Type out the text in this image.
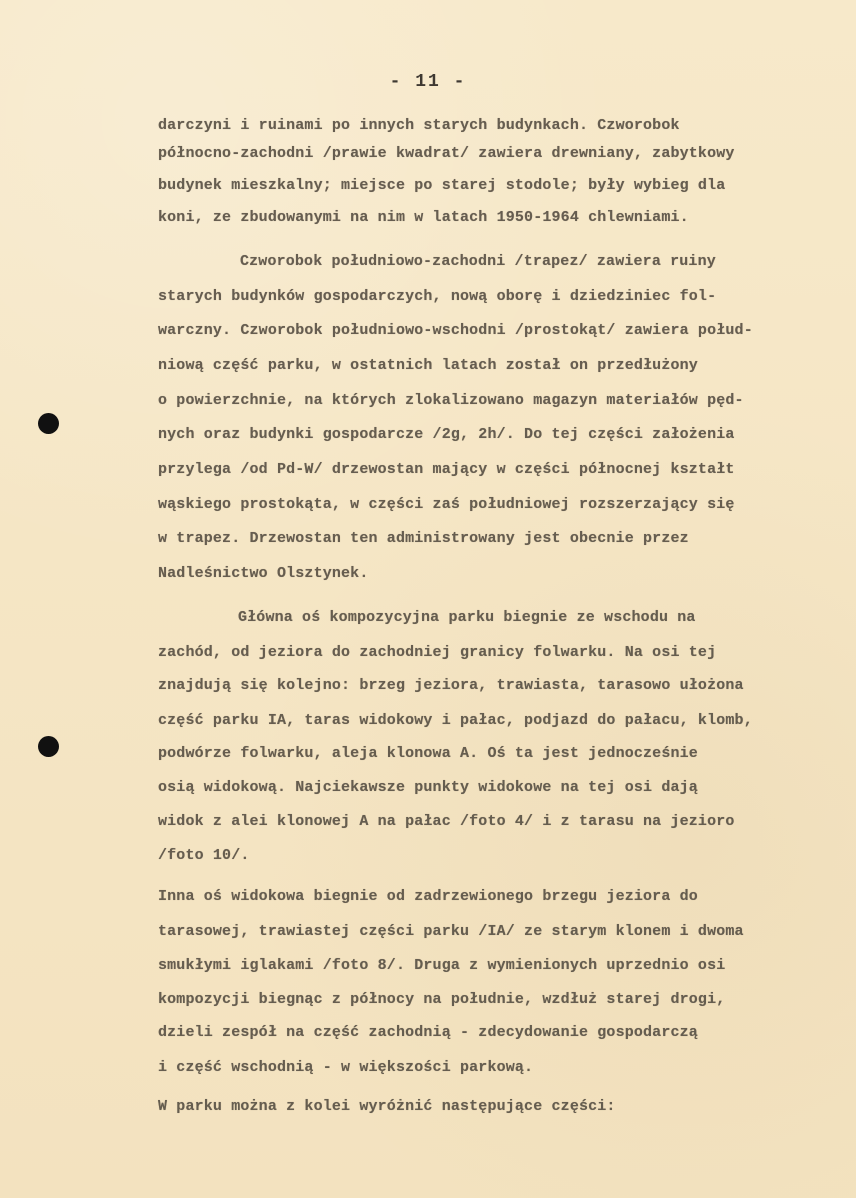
- 11 -
darczyni i ruinami po innych starych budynkach. Czworobok
północno-zachodni /prawie kwadrat/ zawiera drewniany, zabytkowy
budynek mieszkalny; miejsce po starej stodole; były wybieg dla
koni, ze zbudowanymi na nim w latach 1950-1964 chlewniami.
Czworobok południowo-zachodni /trapez/ zawiera ruiny
starych budynków gospodarczych, nową oborę i dziedziniec fol-
warczny. Czworobok południowo-wschodni /prostokąt/ zawiera połud-
niową część parku, w ostatnich latach został on przedłużony
o powierzchnie, na których zlokalizowano magazyn materiałów pęd-
nych oraz budynki gospodarcze /2g, 2h/. Do tej części założenia
przylega /od Pd-W/ drzewostan mający w części północnej kształt
wąskiego prostokąta, w części zaś południowej rozszerzający się
w trapez. Drzewostan ten administrowany jest obecnie przez
Nadleśnictwo Olsztynek.
Główna oś kompozycyjna parku biegnie ze wschodu na
zachód, od jeziora do zachodniej granicy folwarku. Na osi tej
znajdują się kolejno: brzeg jeziora, trawiasta, tarasowo ułożona
część parku IA, taras widokowy i pałac, podjazd do pałacu, klomb,
podwórze folwarku, aleja klonowa A. Oś ta jest jednocześnie
osią widokową. Najciekawsze punkty widokowe na tej osi dają
widok z alei klonowej A na pałac /foto 4/ i z tarasu na jezioro
/foto 10/.
Inna oś widokowa biegnie od zadrzewionego brzegu jeziora do
tarasowej, trawiastej części parku /IA/ ze starym klonem i dwoma
smukłymi iglakami /foto 8/. Druga z wymienionych uprzednio osi
kompozycji biegnąc z północy na południe, wzdłuż starej drogi,
dzieli zespół na część zachodnią - zdecydowanie gospodarczą
i część wschodnią - w większości parkową.
W parku można z kolei wyróżnić następujące części:
